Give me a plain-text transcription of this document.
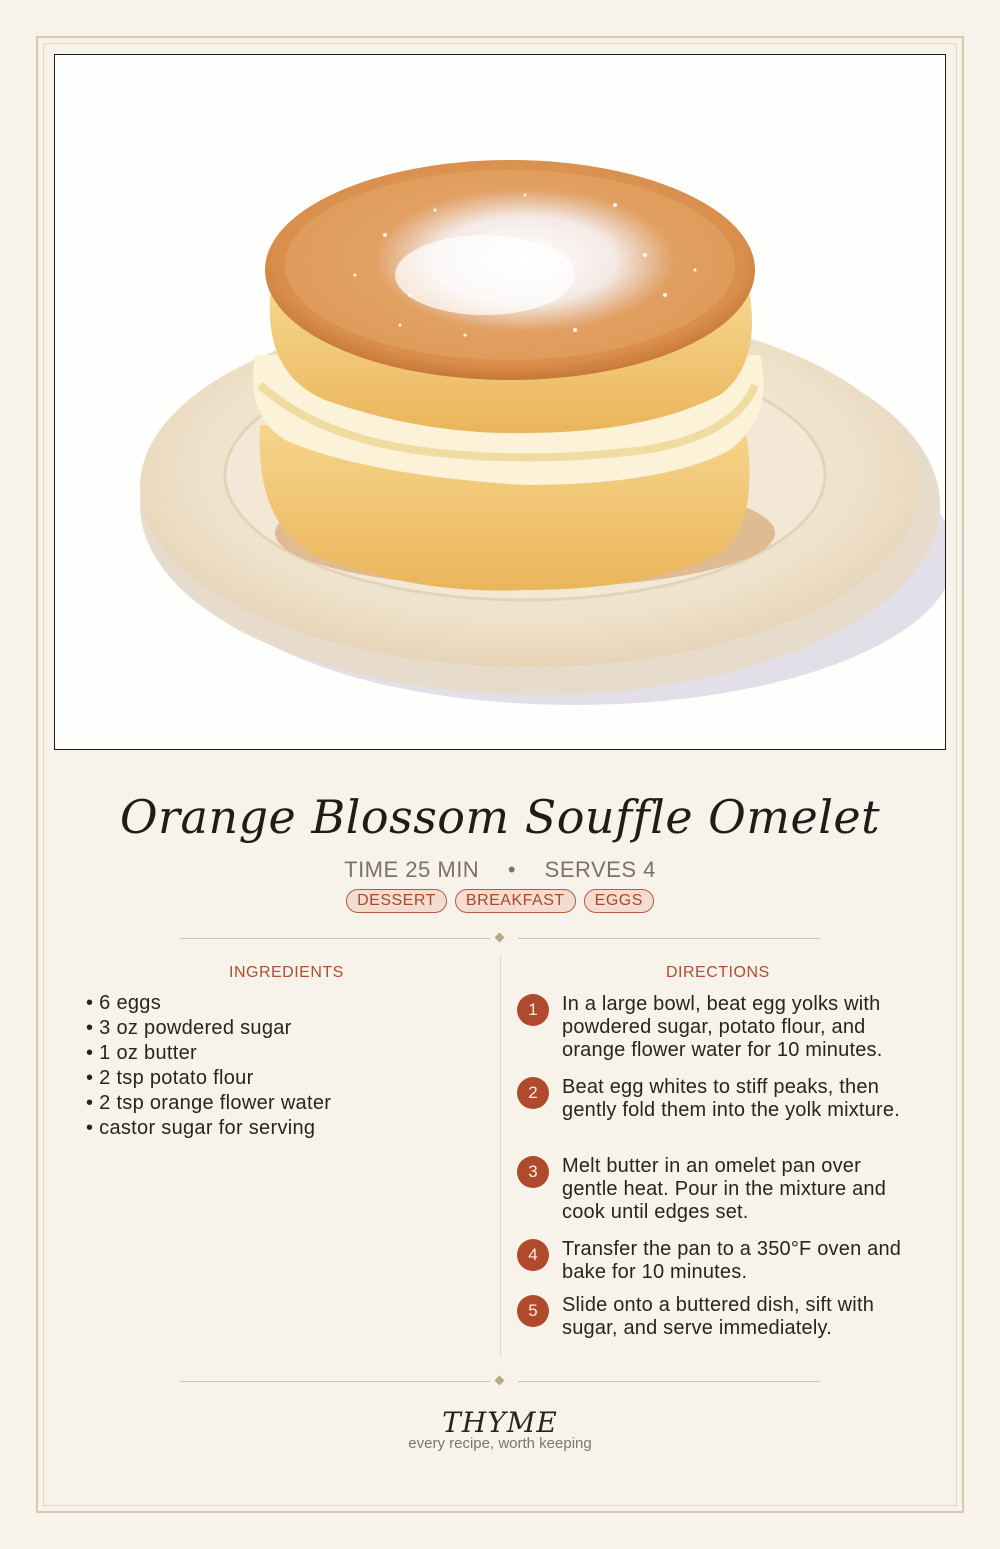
Orange Blossom Souffle Omelet
TIME 25 MIN • SERVES 4
DESSERT BREAKFAST EGGS
INGREDIENTS
• 6 eggs
• 3 oz powdered sugar
• 1 oz butter
• 2 tsp potato flour
• 2 tsp orange flower water
• castor sugar for serving
DIRECTIONS
1	In a large bowl, beat egg yolks with powdered sugar, potato flour, and orange flower water for 10 minutes.
2	Beat egg whites to stiff peaks, then gently fold them into the yolk mixture.
3	Melt butter in an omelet pan over gentle heat. Pour in the mixture and cook until edges set.
4	Transfer the pan to a 350°F oven and bake for 10 minutes.
5	Slide onto a buttered dish, sift with sugar, and serve immediately.
THYME
every recipe, worth keeping
